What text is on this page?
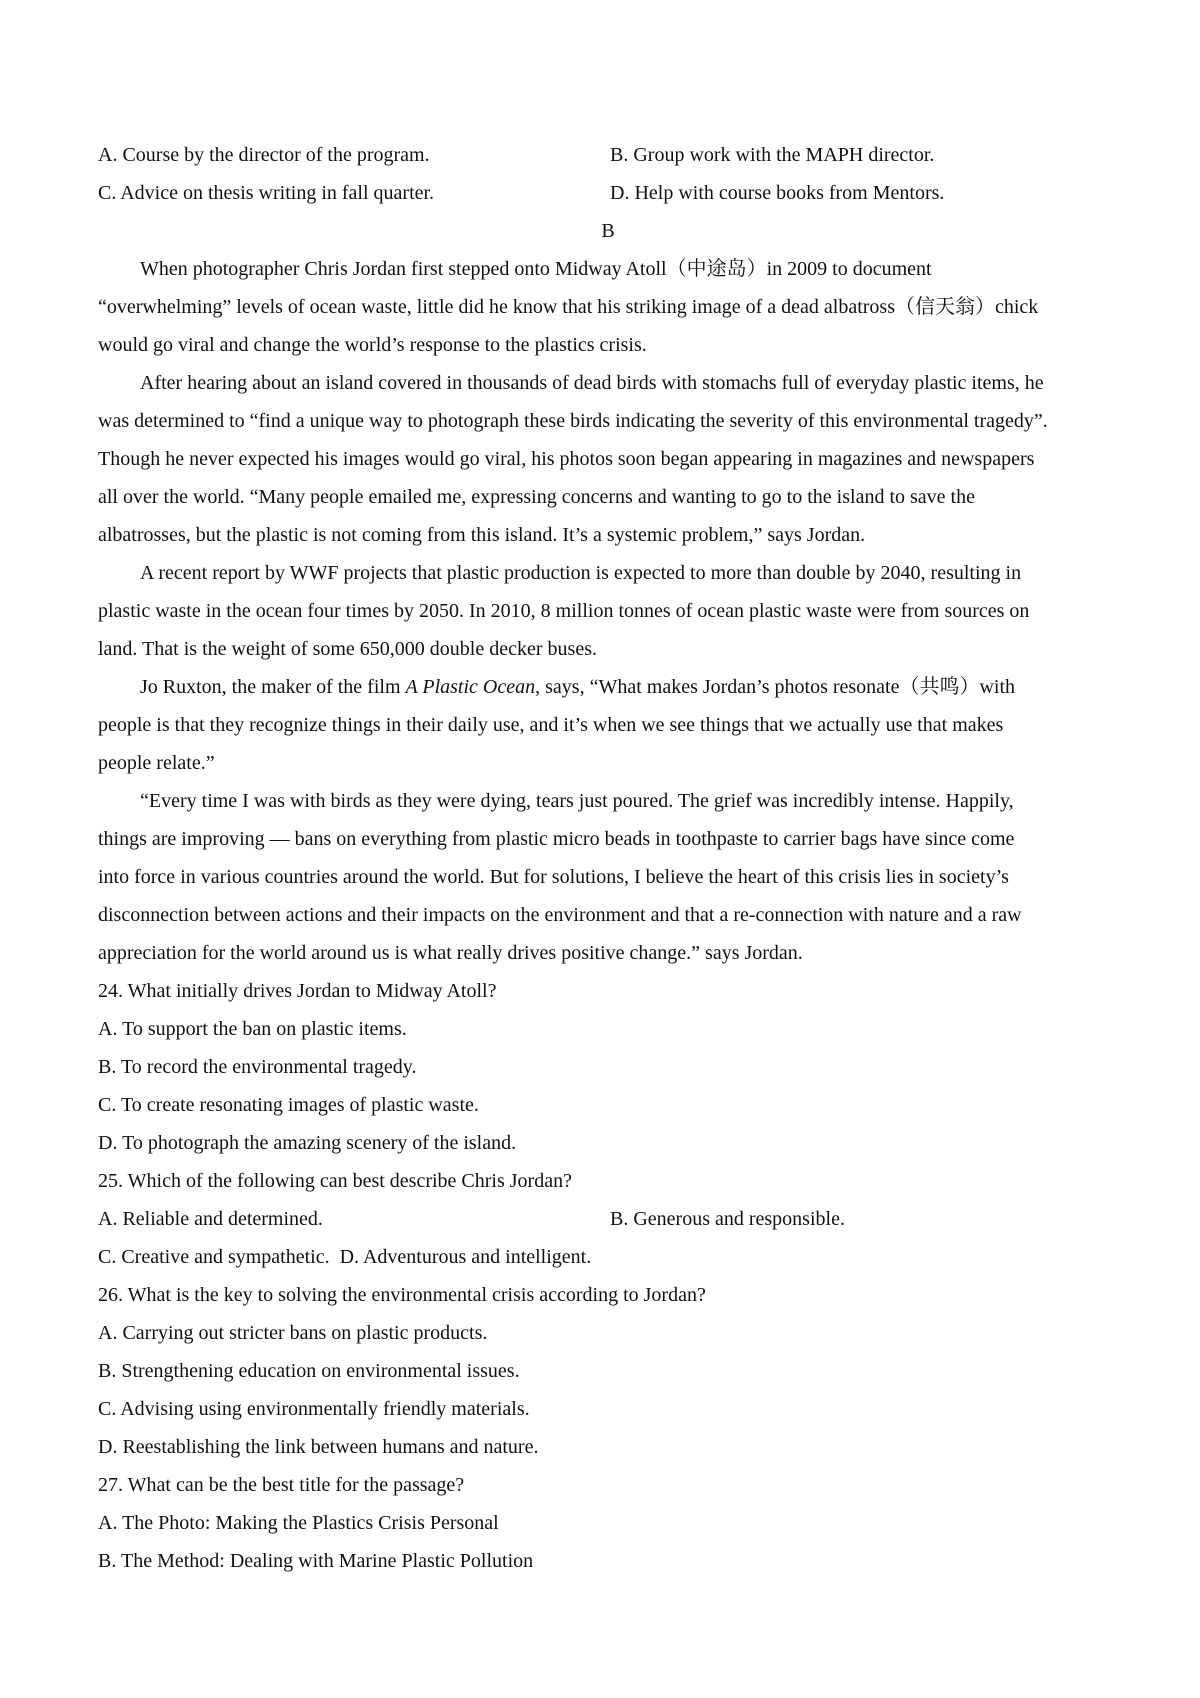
A. Course by the director of the program.	B. Group work with the MAPH director.
C. Advice on thesis writing in fall quarter.	D. Help with course books from Mentors.
B
When photographer Chris Jordan first stepped onto Midway Atoll（中途岛）in 2009 to document
“overwhelming” levels of ocean waste, little did he know that his striking image of a dead albatross（信天翁）chick
would go viral and change the world’s response to the plastics crisis.
After hearing about an island covered in thousands of dead birds with stomachs full of everyday plastic items, he
was determined to “find a unique way to photograph these birds indicating the severity of this environmental tragedy”.
Though he never expected his images would go viral, his photos soon began appearing in magazines and newspapers
all over the world. “Many people emailed me, expressing concerns and wanting to go to the island to save the
albatrosses, but the plastic is not coming from this island. It’s a systemic problem,” says Jordan.
A recent report by WWF projects that plastic production is expected to more than double by 2040, resulting in
plastic waste in the ocean four times by 2050. In 2010, 8 million tonnes of ocean plastic waste were from sources on
land. That is the weight of some 650,000 double decker buses.
Jo Ruxton, the maker of the film A Plastic Ocean, says, “What makes Jordan’s photos resonate（共鸣）with
people is that they recognize things in their daily use, and it’s when we see things that we actually use that makes
people relate.”
“Every time I was with birds as they were dying, tears just poured. The grief was incredibly intense. Happily,
things are improving — bans on everything from plastic micro beads in toothpaste to carrier bags have since come
into force in various countries around the world. But for solutions, I believe the heart of this crisis lies in society’s
disconnection between actions and their impacts on the environment and that a re-connection with nature and a raw
appreciation for the world around us is what really drives positive change.” says Jordan.
24. What initially drives Jordan to Midway Atoll?
A. To support the ban on plastic items.
B. To record the environmental tragedy.
C. To create resonating images of plastic waste.
D. To photograph the amazing scenery of the island.
25. Which of the following can best describe Chris Jordan?
A. Reliable and determined.	B. Generous and responsible.
C. Creative and sympathetic.  D. Adventurous and intelligent.
26. What is the key to solving the environmental crisis according to Jordan?
A. Carrying out stricter bans on plastic products.
B. Strengthening education on environmental issues.
C. Advising using environmentally friendly materials.
D. Reestablishing the link between humans and nature.
27. What can be the best title for the passage?
A. The Photo: Making the Plastics Crisis Personal
B. The Method: Dealing with Marine Plastic Pollution
